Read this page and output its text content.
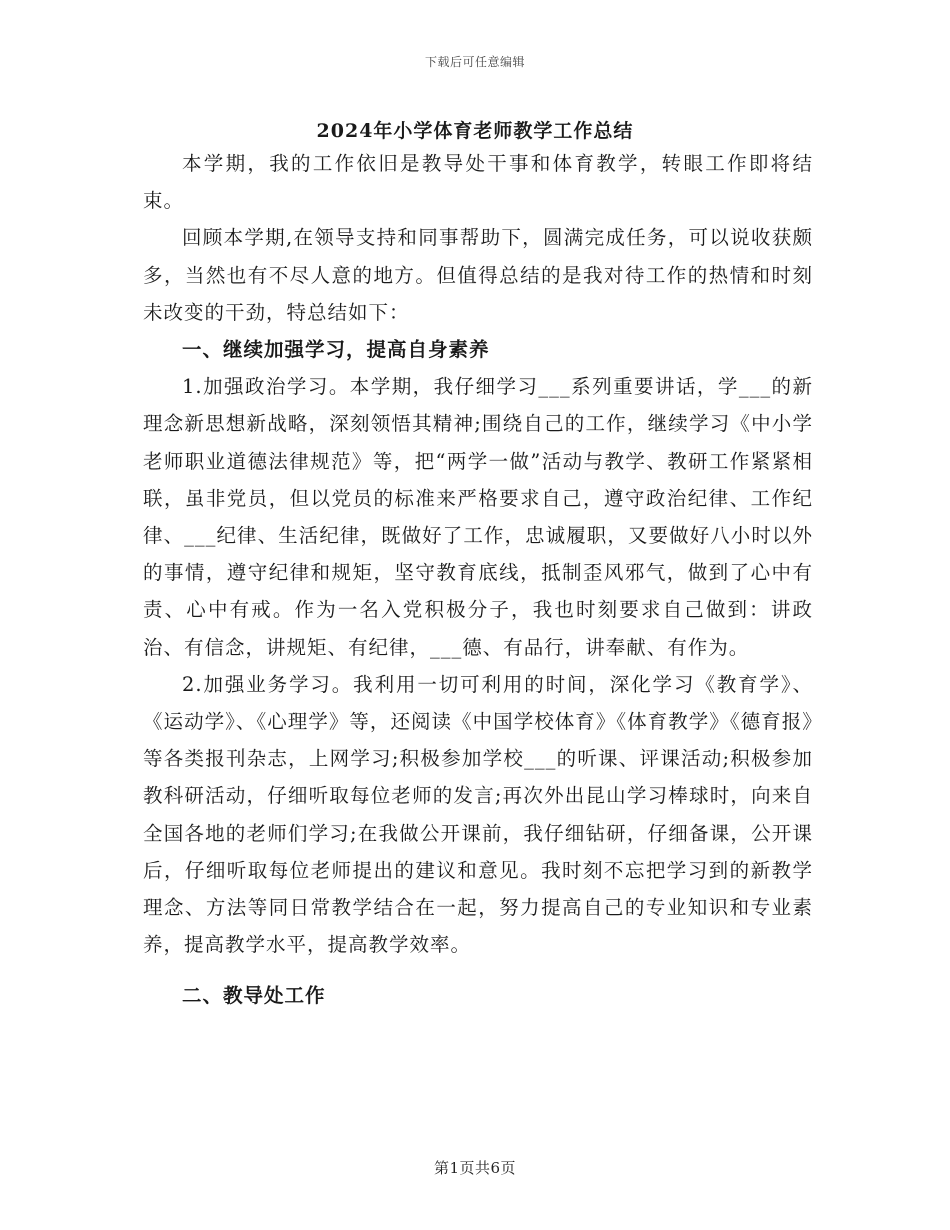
下载后可任意编辑
2024年小学体育老师教学工作总结

本学期，我的工作依旧是教导处干事和体育教学，转眼工作即将结束。

回顾本学期,在领导支持和同事帮助下，圆满完成任务，可以说收获颇多，当然也有不尽人意的地方。但值得总结的是我对待工作的热情和时刻未改变的干劲，特总结如下：

一、继续加强学习，提高自身素养

1.加强政治学习。本学期，我仔细学习___系列重要讲话，学___的新理念新思想新战略，深刻领悟其精神;围绕自己的工作，继续学习《中小学老师职业道德法律规范》等，把“两学一做”活动与教学、教研工作紧紧相联，虽非党员，但以党员的标准来严格要求自己，遵守政治纪律、工作纪律、___纪律、生活纪律，既做好了工作，忠诚履职，又要做好八小时以外的事情，遵守纪律和规矩，坚守教育底线，抵制歪风邪气，做到了心中有责、心中有戒。作为一名入党积极分子，我也时刻要求自己做到：讲政治、有信念，讲规矩、有纪律，___德、有品行，讲奉献、有作为。

2.加强业务学习。我利用一切可利用的时间，深化学习《教育学》、《运动学》、《心理学》等，还阅读《中国学校体育》《体育教学》《德育报》等各类报刊杂志，上网学习;积极参加学校___的听课、评课活动;积极参加教科研活动，仔细听取每位老师的发言;再次外出昆山学习棒球时，向来自全国各地的老师们学习;在我做公开课前，我仔细钻研，仔细备课，公开课后，仔细听取每位老师提出的建议和意见。我时刻不忘把学习到的新教学理念、方法等同日常教学结合在一起，努力提高自己的专业知识和专业素养，提高教学水平，提高教学效率。

二、教导处工作
第1页共6页
